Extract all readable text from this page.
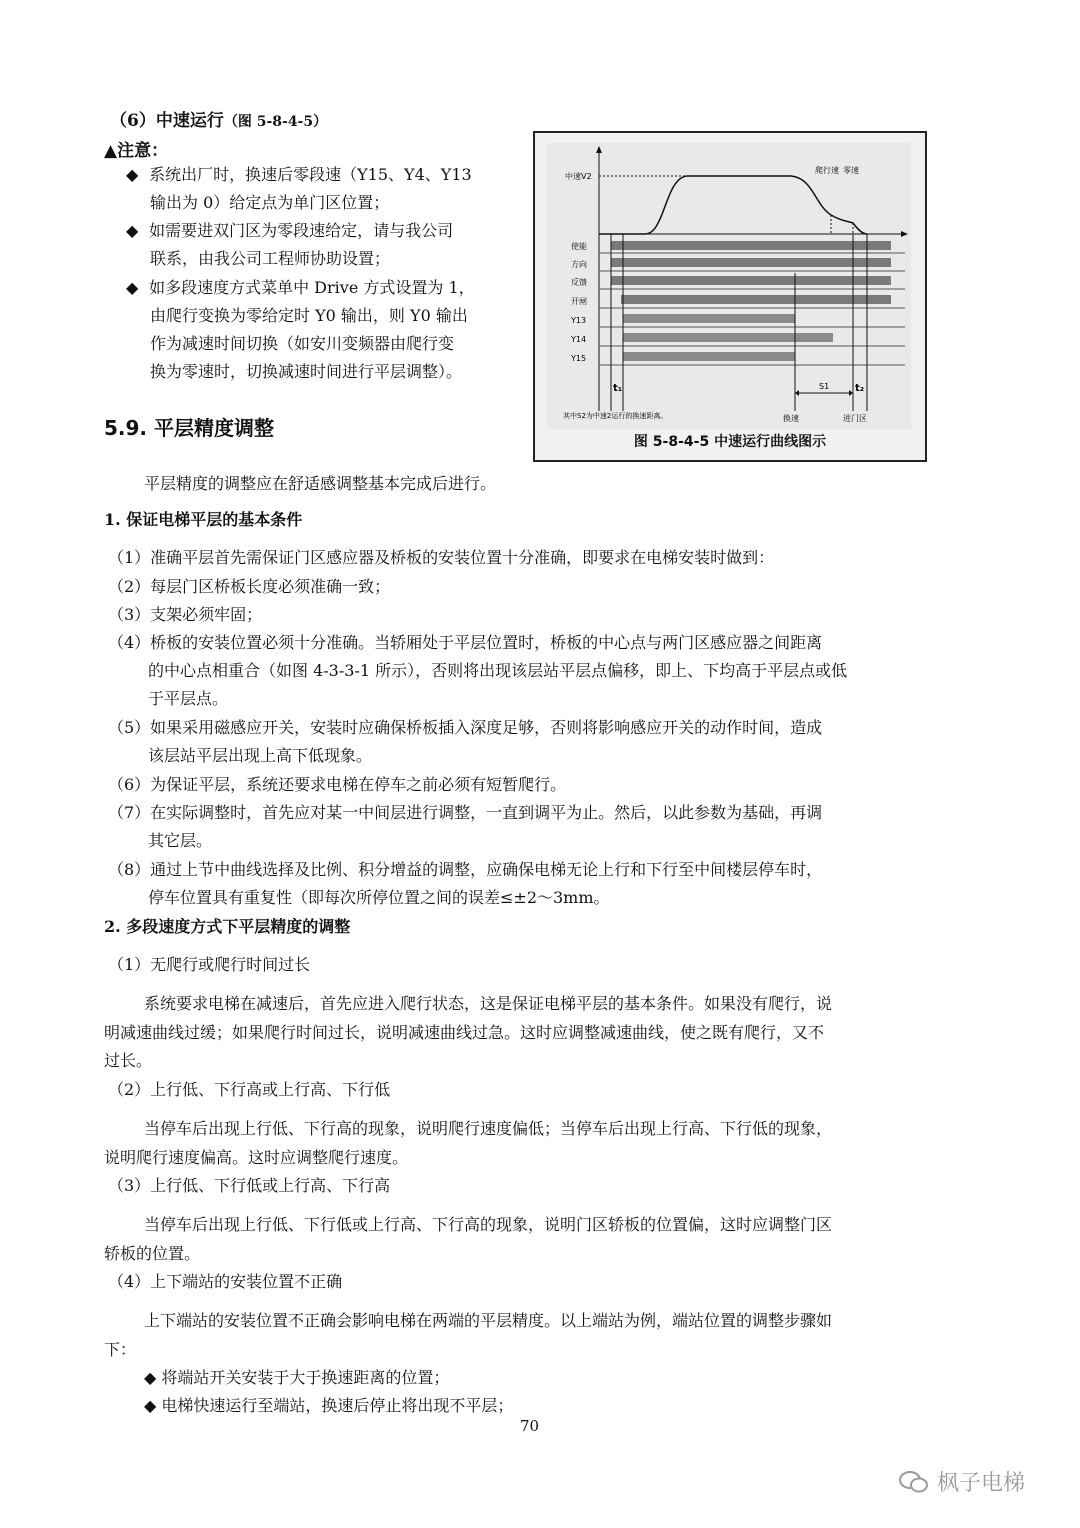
（6）中速运行（图 5-8-4-5）
▲注意：
◆ 系统出厂时，换速后零段速（Y15、Y4、Y13
输出为 0）给定点为单门区位置；
◆ 如需要进双门区为零段速给定，请与我公司
联系，由我公司工程师协助设置；
◆ 如多段速度方式菜单中 Drive 方式设置为 1，
由爬行变换为零给定时 Y0 输出，则 Y0 输出
作为减速时间切换（如安川变频器由爬行变
换为零速时，切换减速时间进行平层调整）。
5.9. 平层精度调整
中速V2
爬行速 零速
使能
方向
反馈
开闸
Y13
Y14
Y15
t₁	S1	t₂
其中S2为中速2运行的换速距离。	换速	进门区
图 5-8-4-5 中速运行曲线图示
平层精度的调整应在舒适感调整基本完成后进行。
1. 保证电梯平层的基本条件
（1）准确平层首先需保证门区感应器及桥板的安装位置十分准确，即要求在电梯安装时做到：
（2）每层门区桥板长度必须准确一致；
（3）支架必须牢固；
（4）桥板的安装位置必须十分准确。当轿厢处于平层位置时，桥板的中心点与两门区感应器之间距离
的中心点相重合（如图 4-3-3-1 所示），否则将出现该层站平层点偏移，即上、下均高于平层点或低
于平层点。
（5）如果采用磁感应开关，安装时应确保桥板插入深度足够，否则将影响感应开关的动作时间，造成
该层站平层出现上高下低现象。
（6）为保证平层，系统还要求电梯在停车之前必须有短暂爬行。
（7）在实际调整时，首先应对某一中间层进行调整，一直到调平为止。然后，以此参数为基础，再调
其它层。
（8）通过上节中曲线选择及比例、积分增益的调整，应确保电梯无论上行和下行至中间楼层停车时，
停车位置具有重复性（即每次所停位置之间的误差≤±2～3mm。
2. 多段速度方式下平层精度的调整
（1）无爬行或爬行时间过长
系统要求电梯在减速后，首先应进入爬行状态，这是保证电梯平层的基本条件。如果没有爬行，说
明减速曲线过缓；如果爬行时间过长，说明减速曲线过急。这时应调整减速曲线，使之既有爬行，又不
过长。
（2）上行低、下行高或上行高、下行低
当停车后出现上行低、下行高的现象，说明爬行速度偏低；当停车后出现上行高、下行低的现象，
说明爬行速度偏高。这时应调整爬行速度。
（3）上行低、下行低或上行高、下行高
当停车后出现上行低、下行低或上行高、下行高的现象，说明门区轿板的位置偏，这时应调整门区
轿板的位置。
（4）上下端站的安装位置不正确
上下端站的安装位置不正确会影响电梯在两端的平层精度。以上端站为例，端站位置的调整步骤如
下：
◆ 将端站开关安装于大于换速距离的位置；
◆ 电梯快速运行至端站，换速后停止将出现不平层；
70
枫子电梯
